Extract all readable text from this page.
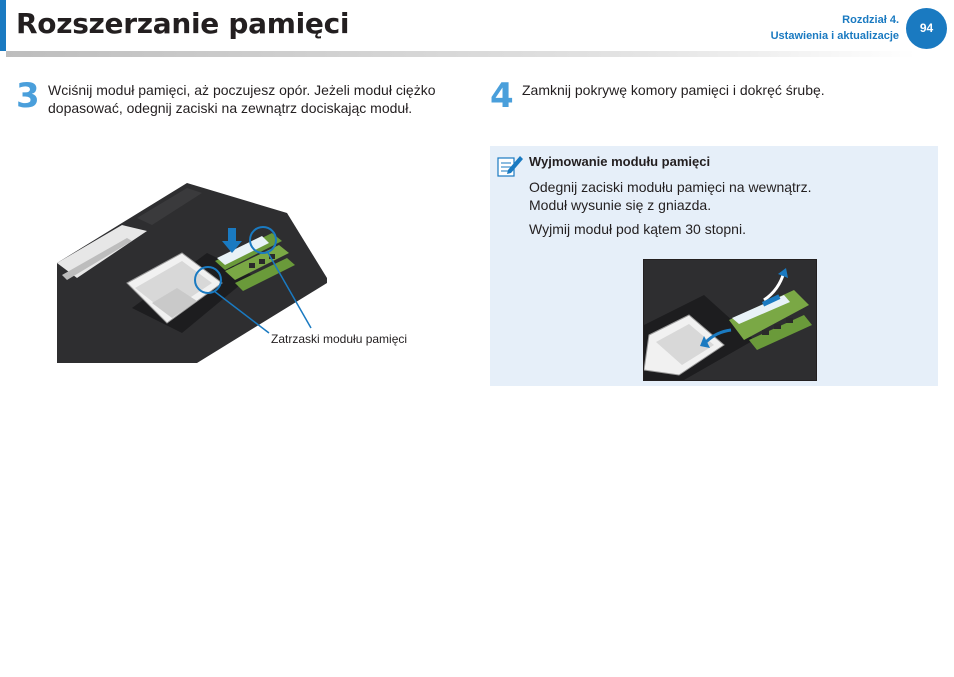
Rozszerzanie pamięci	Rozdział 4.
Ustawienia i aktualizacje
94
3 Wciśnij moduł pamięci, aż poczujesz opór. Jeżeli moduł ciężko dopasować, odegnij zaciski na zewnątrz dociskając moduł.
Zatrzaski modułu pamięci
4 Zamknij pokrywę komory pamięci i dokręć śrubę.
Wyjmowanie modułu pamięci
Odegnij zaciski modułu pamięci na wewnątrz.
Moduł wysunie się z gniazda.
Wyjmij moduł pod kątem 30 stopni.
